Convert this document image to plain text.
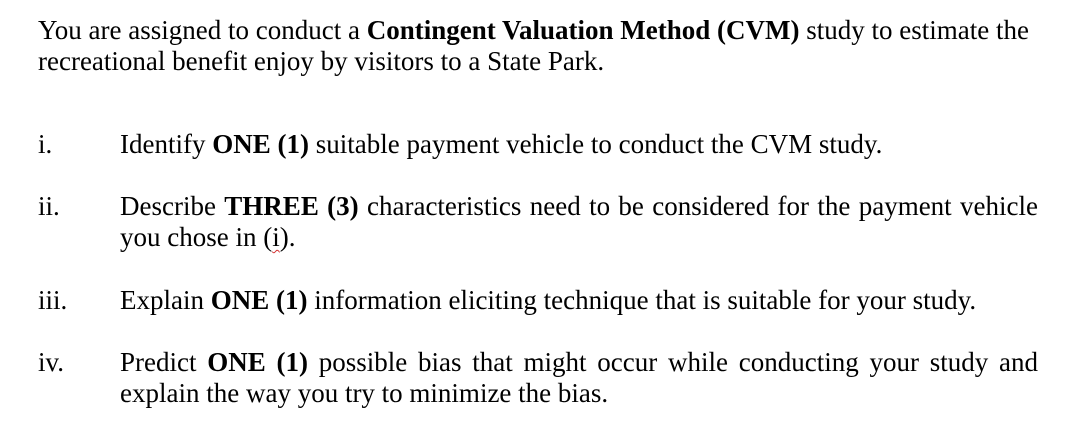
You are assigned to conduct a Contingent Valuation Method (CVM) study to estimate the recreational benefit enjoy by visitors to a State Park.

i.	Identify ONE (1) suitable payment vehicle to conduct the CVM study.
ii.	Describe THREE (3) characteristics need to be considered for the payment vehicle you chose in (i).
iii.	Explain ONE (1) information eliciting technique that is suitable for your study.
iv.	Predict ONE (1) possible bias that might occur while conducting your study and explain the way you try to minimize the bias.
